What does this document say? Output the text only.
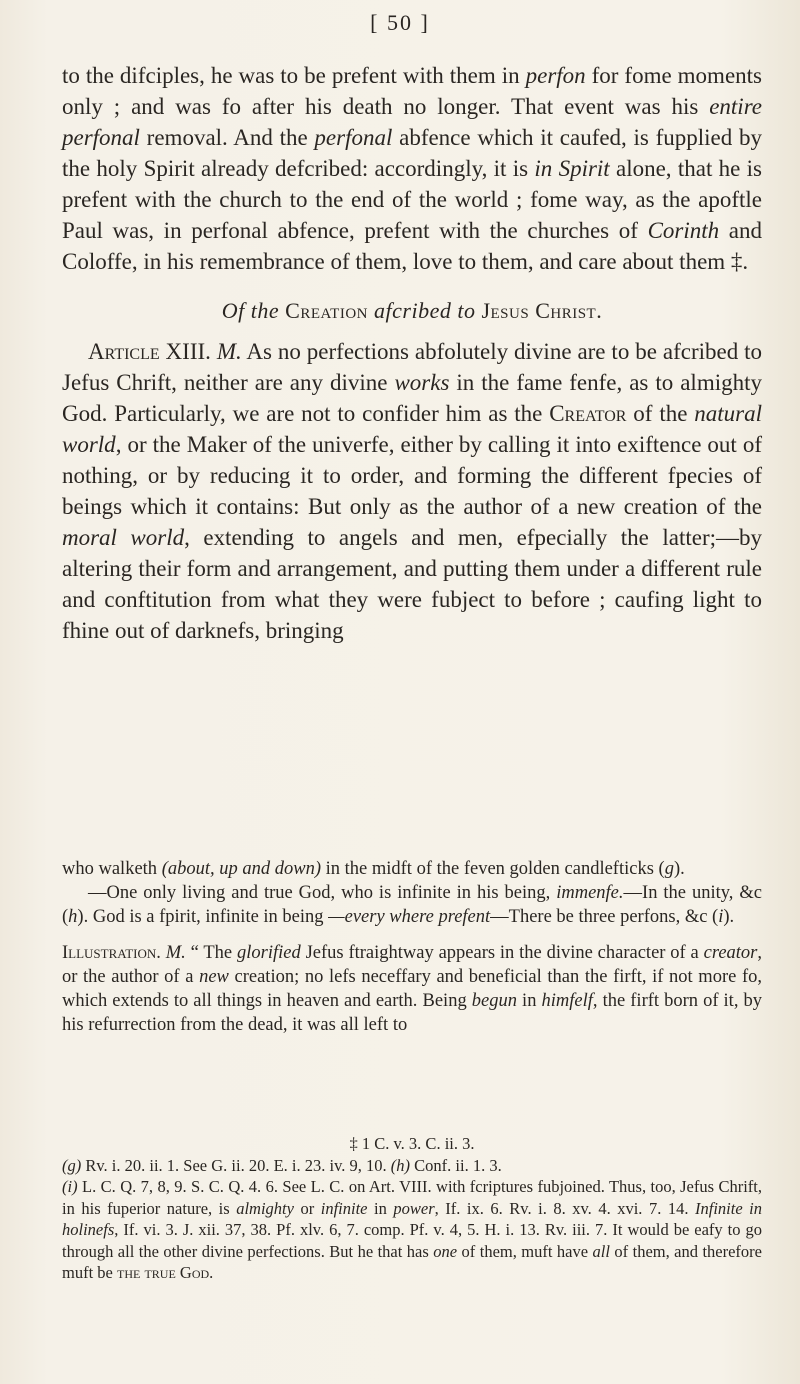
[ 50 ]

to the difciples, he was to be prefent with them in perfon for fome moments only ; and was fo after his death no longer. That event was his entire perfonal removal. And the perfonal abfence which it caufed, is fupplied by the holy Spirit already defcribed: accordingly, it is in Spirit alone, that he is prefent with the church to the end of the world ; fome way, as the apoftle Paul was, in perfonal abfence, prefent with the churches of Corinth and Coloffe, in his remembrance of them, love to them, and care about them ‡.

Of the Creation afcribed to Jesus Christ.

Article XIII. M. As no perfections abfolutely divine are to be afcribed to Jefus Chrift, neither are any divine works in the fame fenfe, as to almighty God. Particularly, we are not to confider him as the Creator of the natural world, or the Maker of the univerfe, either by calling it into exiftence out of nothing, or by reducing it to order, and forming the different fpecies of beings which it contains: But only as the author of a new creation of the moral world, extending to angels and men, efpecially the latter;—by altering their form and arrangement, and putting them under a different rule and conftitution from what they were fubject to before ; caufing light to fhine out of darknefs, bringing

who walketh (about, up and down) in the midft of the feven golden candlefticks (g).

—One only living and true God, who is infinite in his being, immenfe.—In the unity, &c (h). God is a fpirit, infinite in being —every where prefent—There be three perfons, &c (i).

Illustration. M. “ The glorified Jefus ftraightway appears in the divine character of a creator, or the author of a new creation; no lefs neceffary and beneficial than the firft, if not more fo, which extends to all things in heaven and earth. Being begun in himfelf, the firft born of it, by his refurrection from the dead, it was all left to

‡ 1 C. v. 3. C. ii. 3.

(g) Rv. i. 20. ii. 1. See G. ii. 20. E. i. 23. iv. 9, 10. (h) Conf. ii. 1. 3.

(i) L. C. Q. 7, 8, 9. S. C. Q. 4. 6. See L. C. on Art. VIII. with fcriptures fubjoined. Thus, too, Jefus Chrift, in his fuperior nature, is almighty or infinite in power, If. ix. 6. Rv. i. 8. xv. 4. xvi. 7. 14. Infinite in holinefs, If. vi. 3. J. xii. 37, 38. Pf. xlv. 6, 7. comp. Pf. v. 4, 5. H. i. 13. Rv. iii. 7. It would be eafy to go through all the other divine perfections. But he that has one of them, muft have all of them, and therefore muft be the true God.
